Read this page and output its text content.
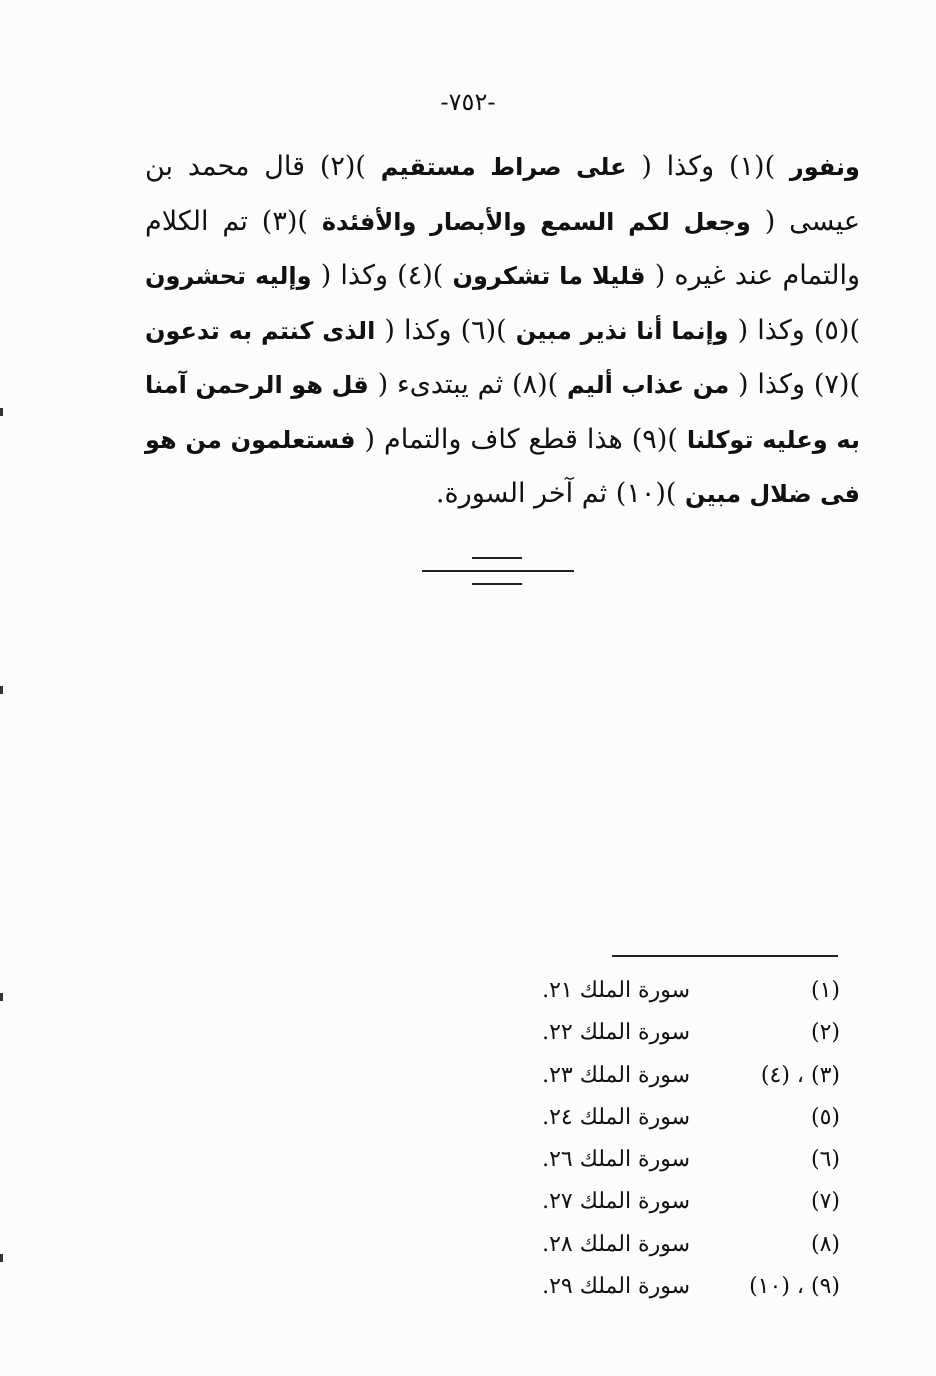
-٧٥٢-
ونفور )(١) وكذا ( على صراط مستقيم )(٢) قال محمد بن عيسى ( وجعل لكم السمع والأبصار والأفئدة )(٣) تم الكلام والتمام عند غيره ( قليلا ما تشكرون )(٤) وكذا ( وإليه تحشرون )(٥) وكذا ( وإنما أنا نذير مبين )(٦) وكذا ( الذى كنتم به تدعون )(٧) وكذا ( من عذاب أليم )(٨) ثم يبتدىء ( قل هو الرحمن آمنا به وعليه توكلنا )(٩) هذا قطع كاف والتمام ( فستعلمون من هو فى ضلال مبين )(١٠) ثم آخر السورة.
(١)
سورة الملك ٢١.
(٢)
سورة الملك ٢٢.
(٣) ، (٤)
سورة الملك ٢٣.
(٥)
سورة الملك ٢٤.
(٦)
سورة الملك ٢٦.
(٧)
سورة الملك ٢٧.
(٨)
سورة الملك ٢٨.
(٩) ، (١٠)
سورة الملك ٢٩.
